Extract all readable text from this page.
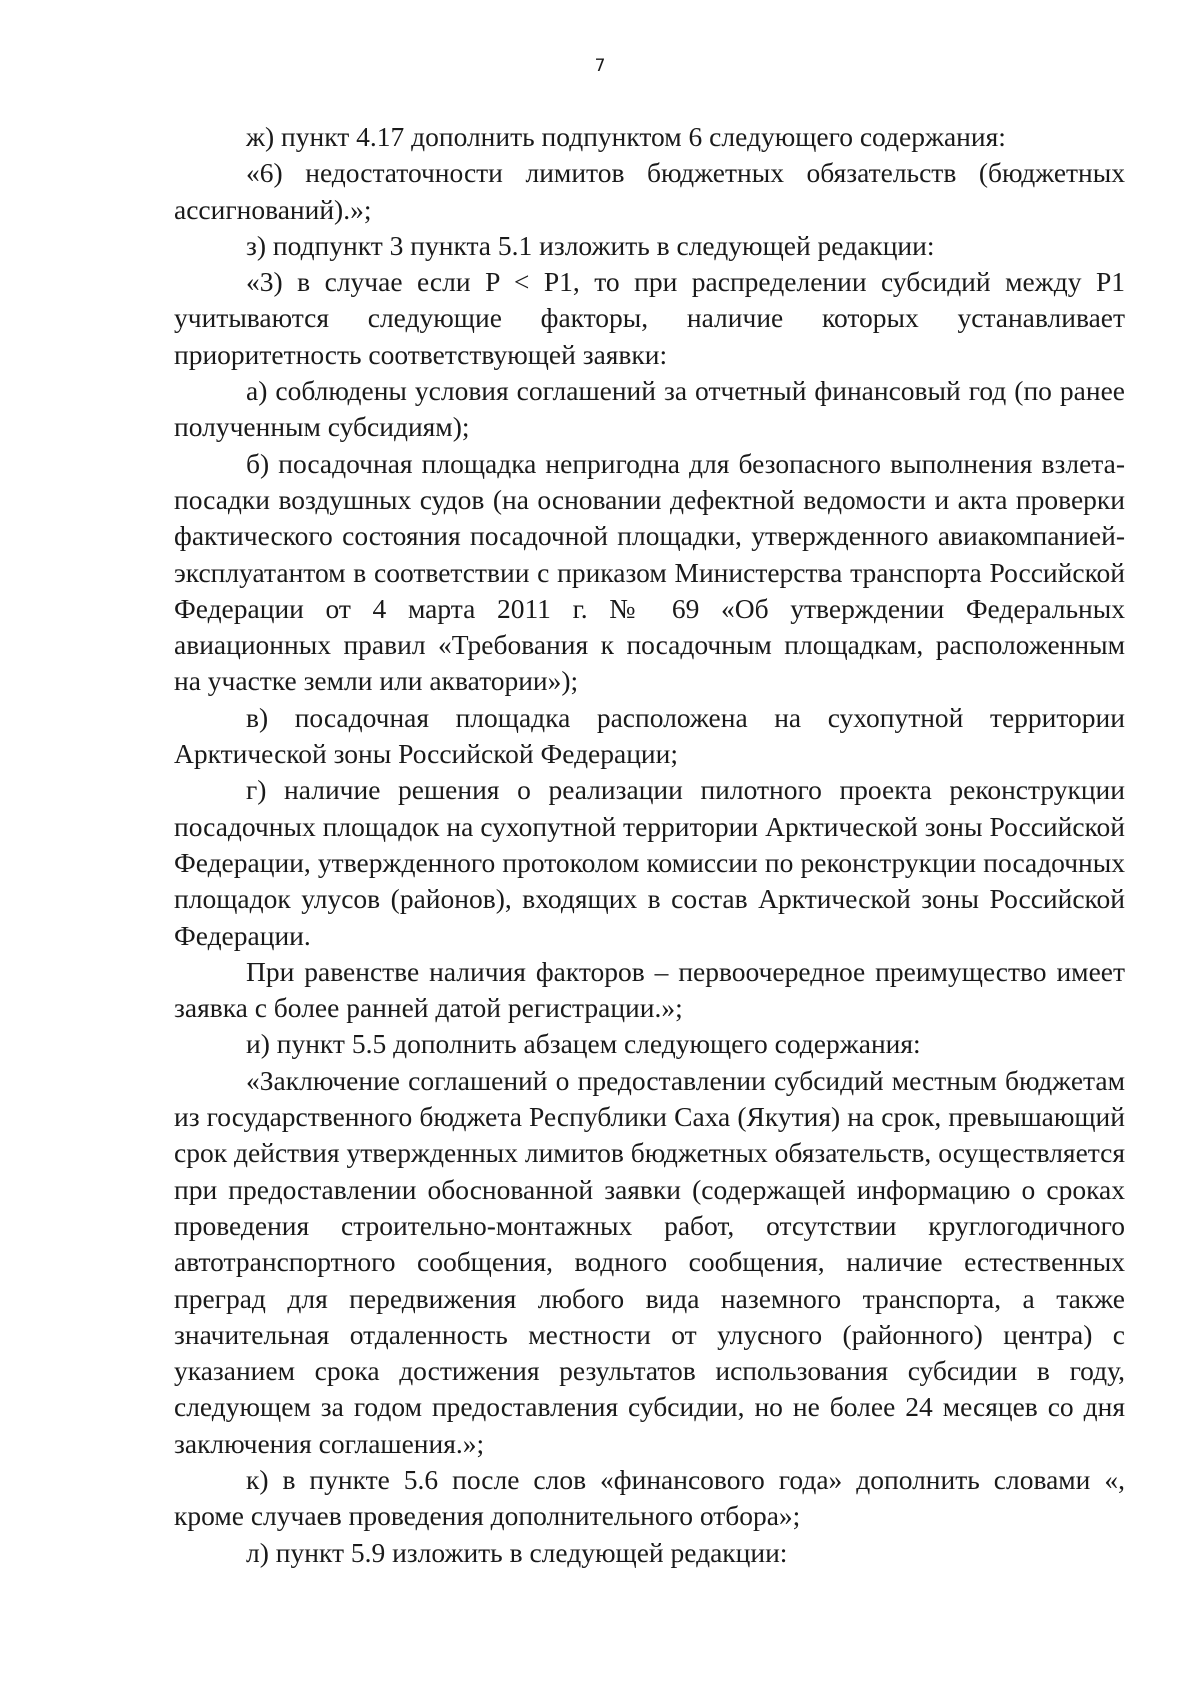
7

ж) пункт 4.17 дополнить подпунктом 6 следующего содержания:

«6) недостаточности лимитов бюджетных обязательств (бюджетных ассигнований).»;

з) подпункт 3 пункта 5.1 изложить в следующей редакции:

«3) в случае если P < P1, то при распределении субсидий между P1 учитываются следующие факторы, наличие которых устанавливает приоритетность соответствующей заявки:

а) соблюдены условия соглашений за отчетный финансовый год (по ранее полученным субсидиям);

б) посадочная площадка непригодна для безопасного выполнения взлета-посадки воздушных судов (на основании дефектной ведомости и акта проверки фактического состояния посадочной площадки, утвержденного авиакомпанией-эксплуатантом в соответствии с приказом Министерства транспорта Российской Федерации от 4 марта 2011 г. № 69 «Об утверждении Федеральных авиационных правил «Требования к посадочным площадкам, расположенным на участке земли или акватории»);

в) посадочная площадка расположена на сухопутной территории Арктической зоны Российской Федерации;

г) наличие решения о реализации пилотного проекта реконструкции посадочных площадок на сухопутной территории Арктической зоны Российской Федерации, утвержденного протоколом комиссии по реконструкции посадочных площадок улусов (районов), входящих в состав Арктической зоны Российской Федерации.

При равенстве наличия факторов – первоочередное преимущество имеет заявка с более ранней датой регистрации.»;

и) пункт 5.5 дополнить абзацем следующего содержания:

«Заключение соглашений о предоставлении субсидий местным бюджетам из государственного бюджета Республики Саха (Якутия) на срок, превышающий срок действия утвержденных лимитов бюджетных обязательств, осуществляется при предоставлении обоснованной заявки (содержащей информацию о сроках проведения строительно-монтажных работ, отсутствии круглогодичного автотранспортного сообщения, водного сообщения, наличие естественных преград для передвижения любого вида наземного транспорта, а также значительная отдаленность местности от улусного (районного) центра) с указанием срока достижения результатов использования субсидии в году, следующем за годом предоставления субсидии, но не более 24 месяцев со дня заключения соглашения.»;

к) в пункте 5.6 после слов «финансового года» дополнить словами «, кроме случаев проведения дополнительного отбора»;

л) пункт 5.9 изложить в следующей редакции:
